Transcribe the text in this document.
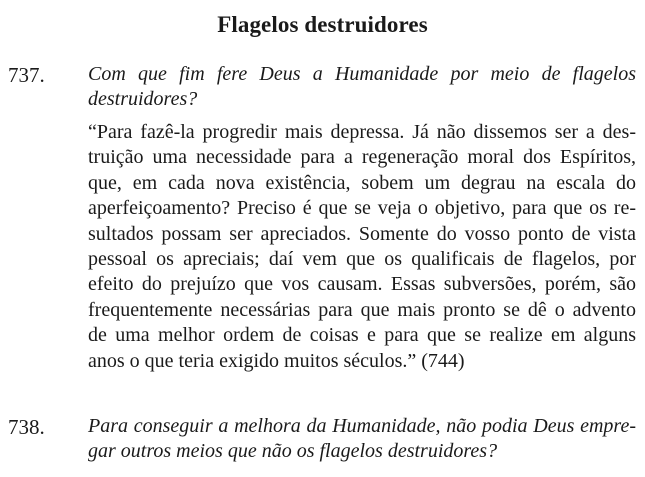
Flagelos destruidores
737. Com que fim fere Deus a Humanidade por meio de flagelos
destruidores?
“Para fazê-la progredir mais depressa. Já não dissemos ser a des-
truição uma necessidade para a regeneração moral dos Espíritos,
que, em cada nova existência, sobem um degrau na escala do
aperfeiçoamento? Preciso é que se veja o objetivo, para que os re-
sultados possam ser apreciados. Somente do vosso ponto de vista
pessoal os apreciais; daí vem que os qualificais de flagelos, por
efeito do prejuízo que vos causam. Essas subversões, porém, são
frequentemente necessárias para que mais pronto se dê o advento
de uma melhor ordem de coisas e para que se realize em alguns
anos o que teria exigido muitos séculos.” (744)
738. Para conseguir a melhora da Humanidade, não podia Deus empre-
gar outros meios que não os flagelos destruidores?
